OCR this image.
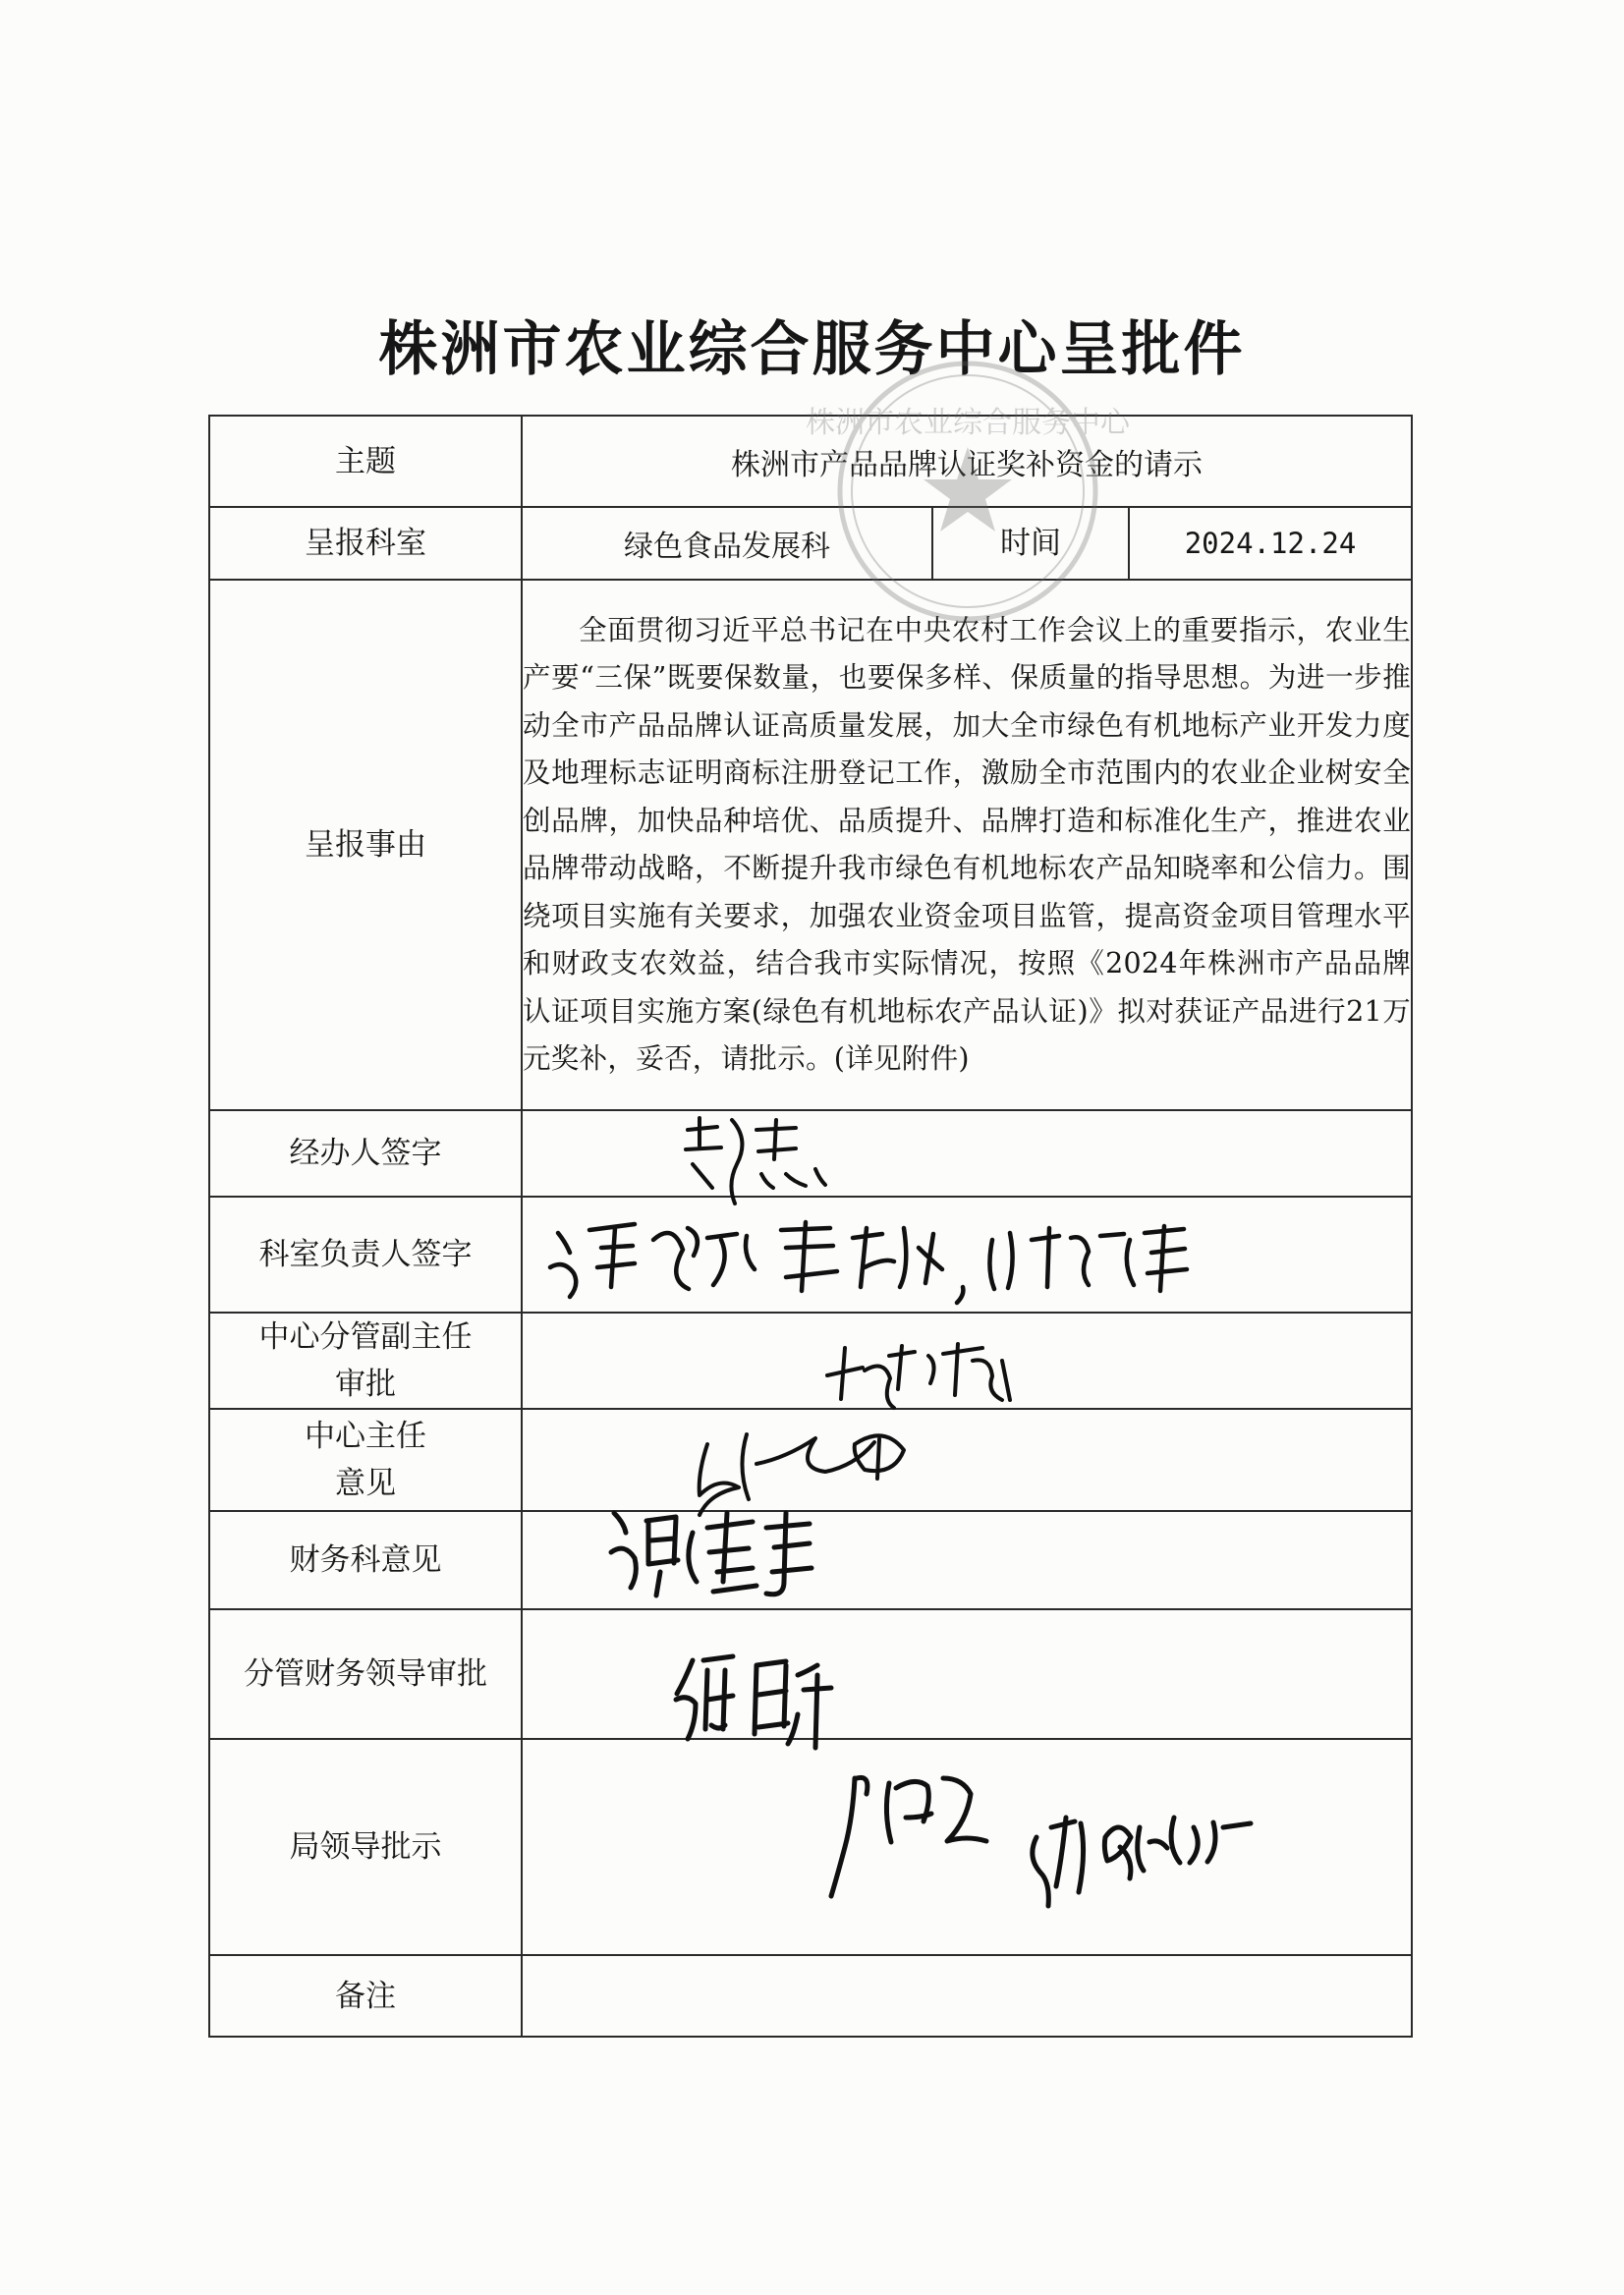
株洲市农业综合服务中心呈批件
主题	株洲市产品品牌认证奖补资金的请示		
呈报科室	绿色食品发展科	时间	2024.12.24
呈报事由	全面贯彻习近平总书记在中央农村工作会议上的重要指示，农业生产要“三保”既要保数量，也要保多样、保质量的指导思想。为进一步推动全市产品品牌认证高质量发展，加大全市绿色有机地标产业开发力度及地理标志证明商标注册登记工作，激励全市范围内的农业企业树安全创品牌，加快品种培优、品质提升、品牌打造和标准化生产，推进农业品牌带动战略，不断提升我市绿色有机地标农产品知晓率和公信力。围绕项目实施有关要求，加强农业资金项目监管，提高资金项目管理水平和财政支农效益，结合我市实际情况，按照《2024年株洲市产品品牌认证项目实施方案(绿色有机地标农产品认证)》拟对获证产品进行21万元奖补，妥否，请批示。(详见附件)		

经办人签字			
科室负责人签字			

中心分管副主任
审批			

中心主任
意见			

财务科意见			
分管财务领导审批			
局领导批示			
备注			
株洲市农业综合服务中心
